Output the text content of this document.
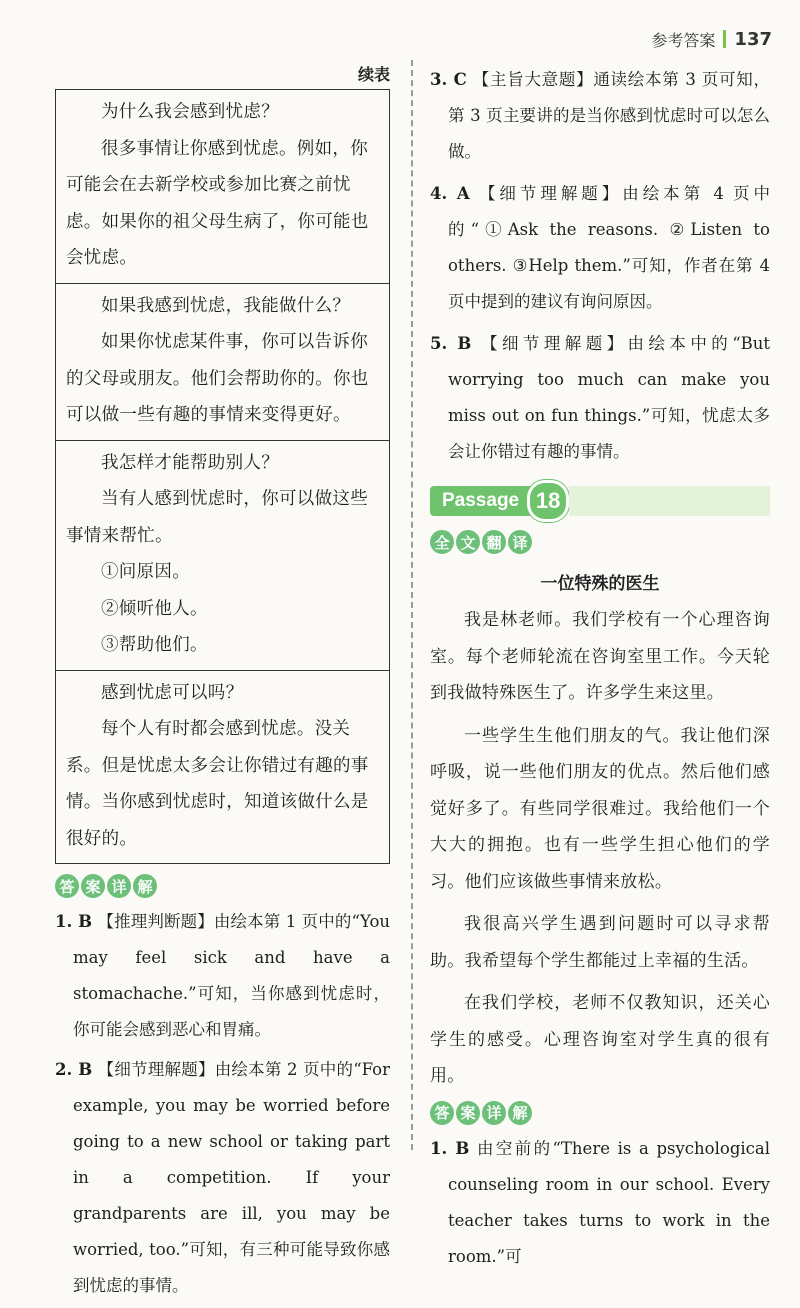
参考答案 137
续表

为什么我会感到忧虑？

很多事情让你感到忧虑。例如，你可能会在去新学校或参加比赛之前忧虑。如果你的祖父母生病了，你可能也会忧虑。

如果我感到忧虑，我能做什么？

如果你忧虑某件事，你可以告诉你的父母或朋友。他们会帮助你的。你也可以做一些有趣的事情来变得更好。

我怎样才能帮助别人？

当有人感到忧虑时，你可以做这些事情来帮忙。

①问原因。

②倾听他人。

③帮助他们。

感到忧虑可以吗？

每个人有时都会感到忧虑。没关系。但是忧虑太多会让你错过有趣的事情。当你感到忧虑时，知道该做什么是很好的。

答 案 详 解

1. B 【推理判断题】由绘本第 1 页中的“You may feel sick and have a stomachache.”可知，当你感到忧虑时，你可能会感到恶心和胃痛。

2. B 【细节理解题】由绘本第 2 页中的“For example, you may be worried before going to a new school or taking part in a competition. If your grandparents are ill, you may be worried, too.”可知，有三种可能导致你感到忧虑的事情。

3. C 【主旨大意题】通读绘本第 3 页可知，第 3 页主要讲的是当你感到忧虑时可以怎么做。

4. A 【细节理解题】由绘本第 4 页中的“①Ask the reasons. ②Listen to others. ③Help them.”可知，作者在第 4 页中提到的建议有询问原因。

5. B 【细节理解题】由绘本中的“But worrying too much can make you miss out on fun things.”可知，忧虑太多会让你错过有趣的事情。

Passage 18
全 文 翻 译
一位特殊的医生

我是林老师。我们学校有一个心理咨询室。每个老师轮流在咨询室里工作。今天轮到我做特殊医生了。许多学生来这里。

一些学生生他们朋友的气。我让他们深呼吸，说一些他们朋友的优点。然后他们感觉好多了。有些同学很难过。我给他们一个大大的拥抱。也有一些学生担心他们的学习。他们应该做些事情来放松。

我很高兴学生遇到问题时可以寻求帮助。我希望每个学生都能过上幸福的生活。

在我们学校，老师不仅教知识，还关心学生的感受。心理咨询室对学生真的很有用。

答 案 详 解

1. B 由空前的“There is a psychological counseling room in our school. Every teacher takes turns to work in the room.”可
